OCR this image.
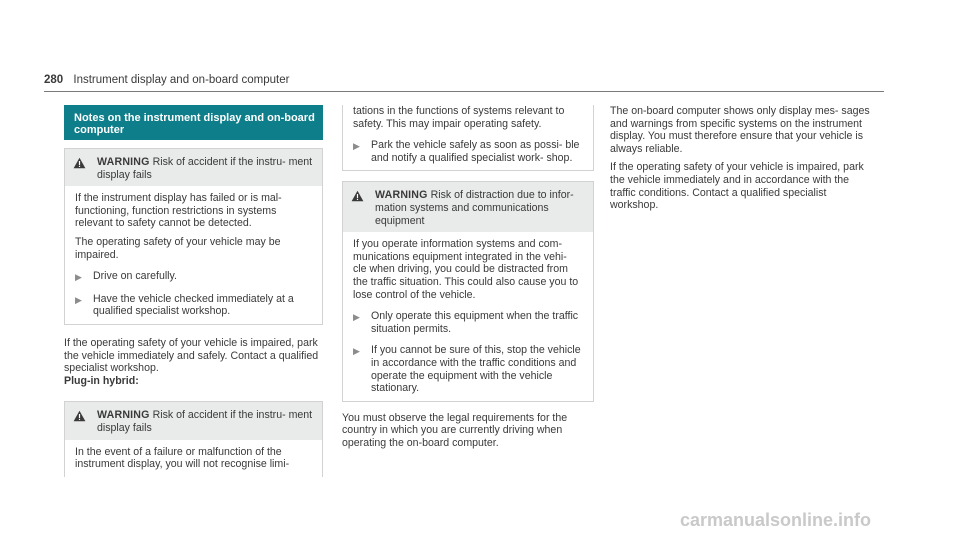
280 Instrument display and on-board computer
Notes on the instrument display and on-board computer
WARNING Risk of accident if the instru- ment display fails

If the instrument display has failed or is mal- functioning, function restrictions in systems relevant to safety cannot be detected.

The operating safety of your vehicle may be impaired.

▶	Drive on carefully.
▶	Have the vehicle checked immediately at a qualified specialist workshop.

If the operating safety of your vehicle is impaired, park the vehicle immediately and safely. Contact a qualified specialist workshop.

Plug-in hybrid:

WARNING Risk of accident if the instru- ment display fails

In the event of a failure or malfunction of the instrument display, you will not recognise limi-

tations in the functions of systems relevant to safety. This may impair operating safety.

▶	Park the vehicle safely as soon as possi- ble and notify a qualified specialist work- shop.
WARNING Risk of distraction due to infor- mation systems and communications equipment

If you operate information systems and com- munications equipment integrated in the vehi- cle when driving, you could be distracted from the traffic situation. This could also cause you to lose control of the vehicle.

▶	Only operate this equipment when the traffic situation permits.
▶	If you cannot be sure of this, stop the vehicle in accordance with the traffic conditions and operate the equipment with the vehicle stationary.

You must observe the legal requirements for the country in which you are currently driving when operating the on-board computer.

The on-board computer shows only display mes- sages and warnings from specific systems on the instrument display. You must therefore ensure that your vehicle is always reliable.

If the operating safety of your vehicle is impaired, park the vehicle immediately and in accordance with the traffic conditions. Contact a qualified specialist workshop.

carmanualsonline.info
